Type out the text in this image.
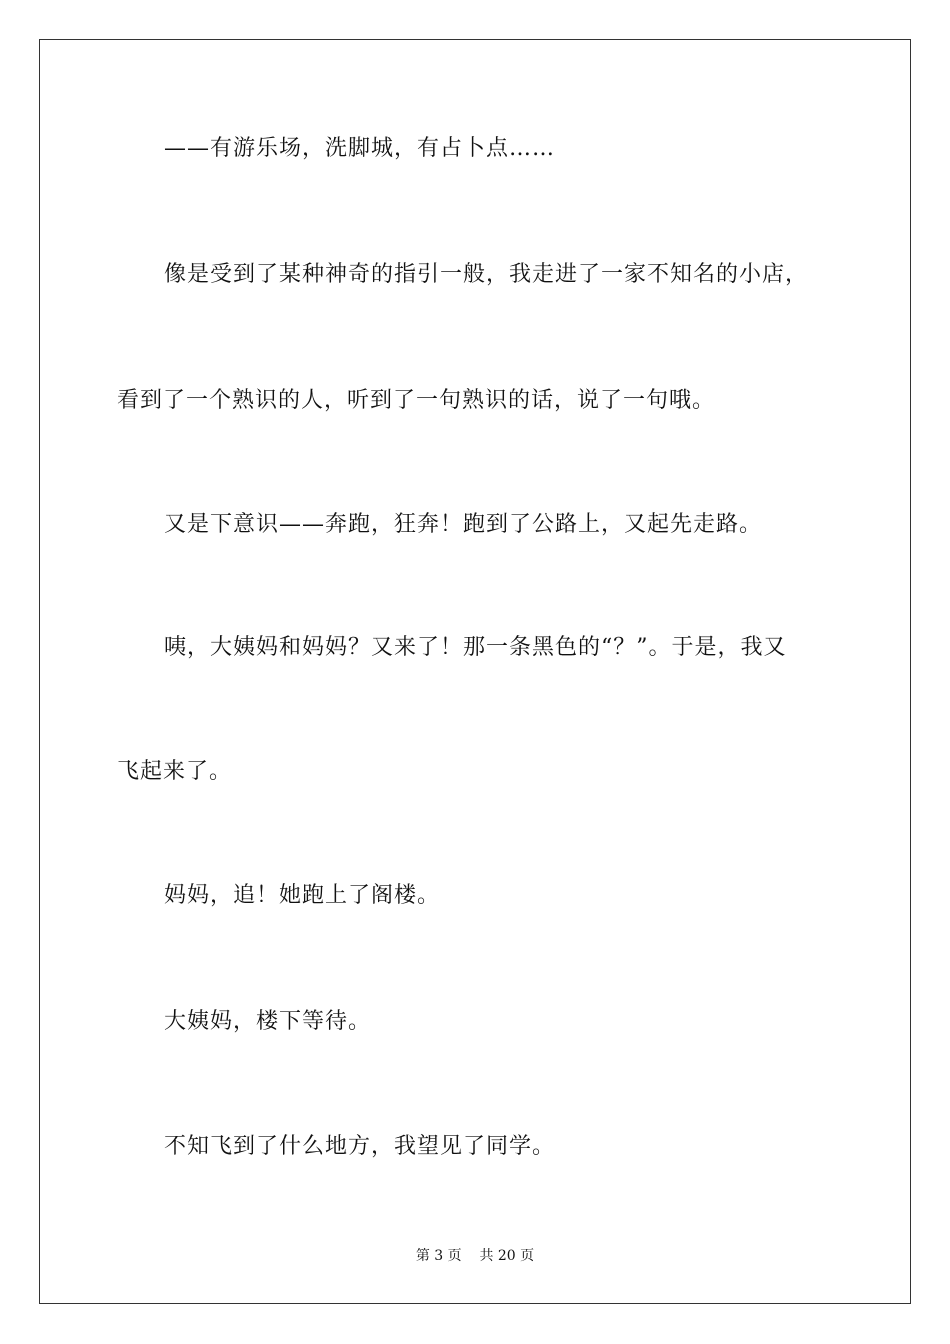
——有游乐场，洗脚城，有占卜点……
像是受到了某种神奇的指引一般，我走进了一家不知名的小店，
看到了一个熟识的人，听到了一句熟识的话，说了一句哦。
又是下意识——奔跑，狂奔！跑到了公路上，又起先走路。
咦，大姨妈和妈妈？又来了！那一条黑色的“？”。于是，我又
飞起来了。
妈妈，追！她跑上了阁楼。
大姨妈，楼下等待。
不知飞到了什么地方，我望见了同学。
第 3 页 共 20 页
